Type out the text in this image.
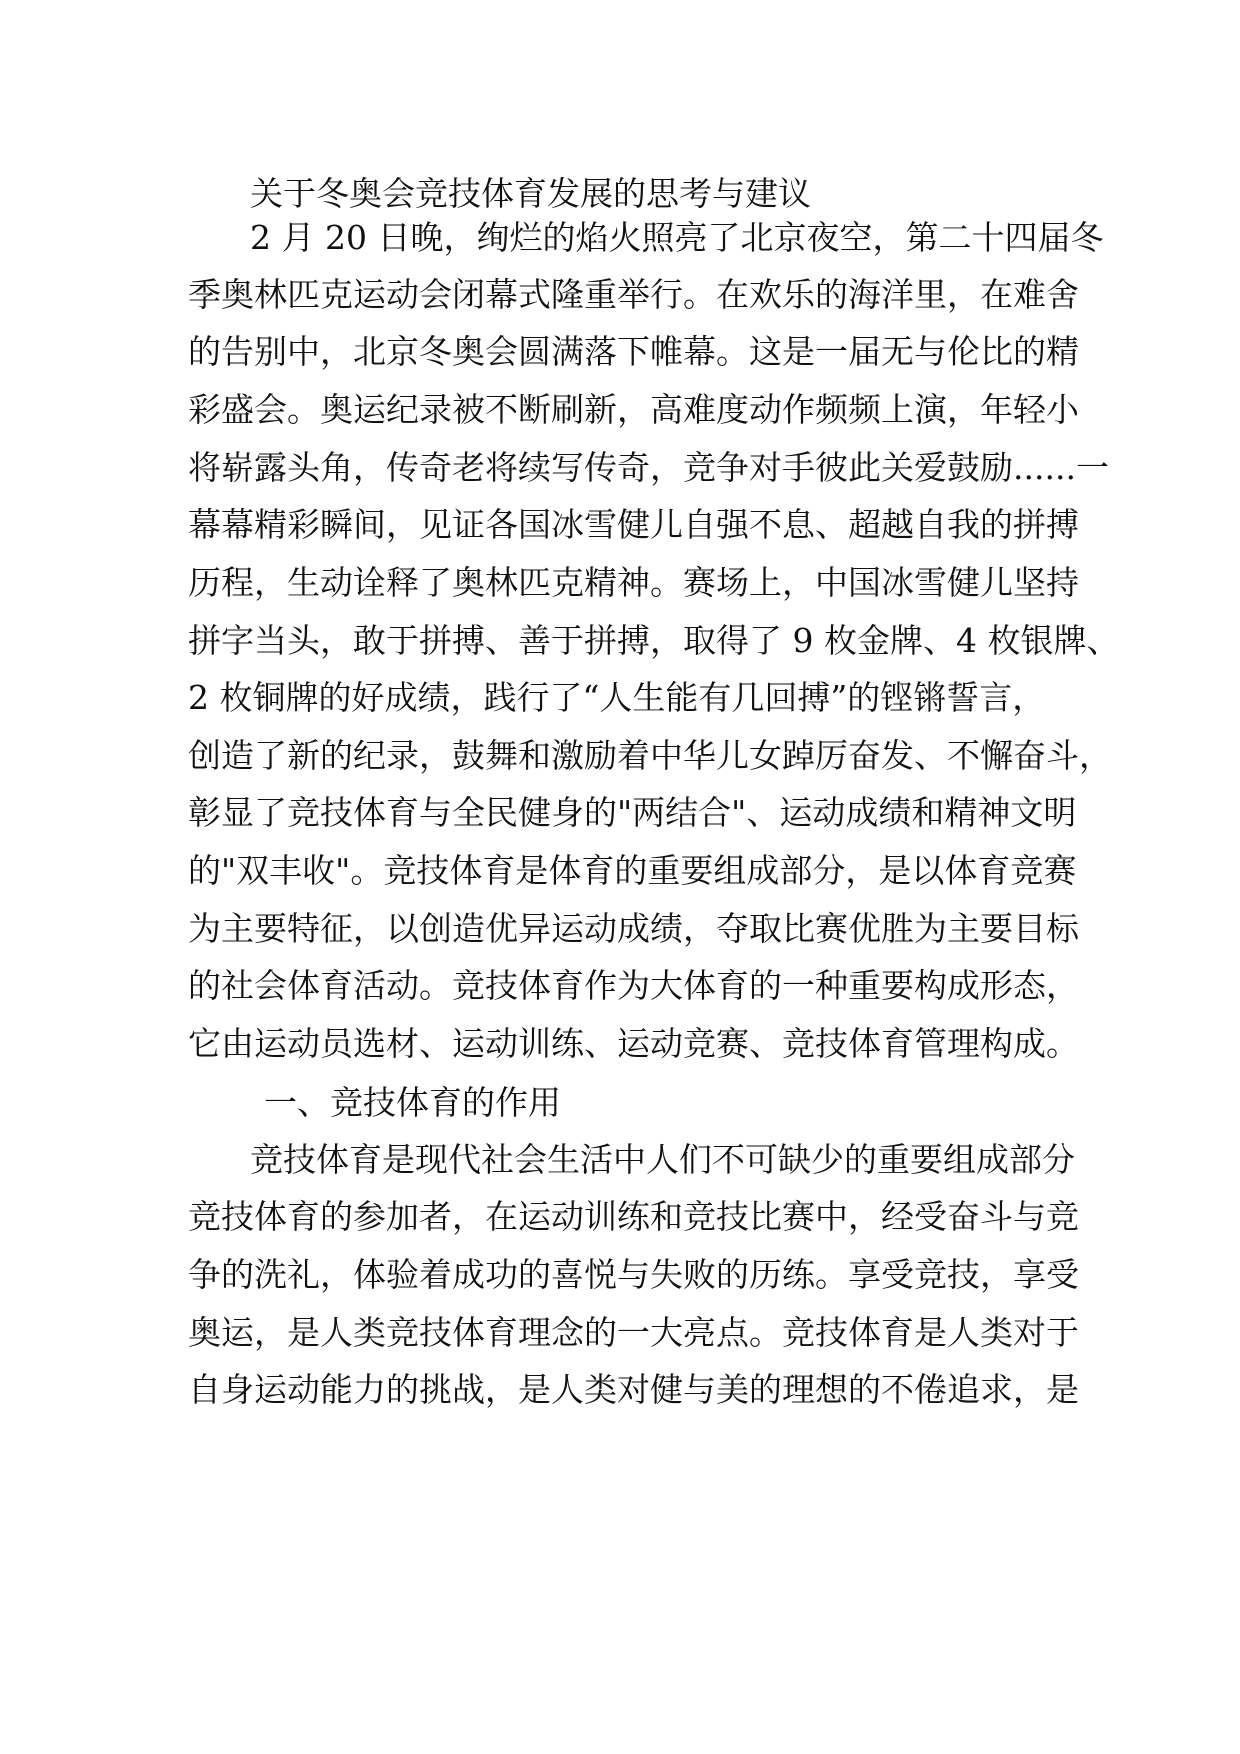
关于冬奥会竞技体育发展的思考与建议

2 月 20 日晚，绚烂的焰火照亮了北京夜空，第二十四届冬

季奥林匹克运动会闭幕式隆重举行。在欢乐的海洋里，在难舍

的告别中，北京冬奥会圆满落下帷幕。这是一届无与伦比的精

彩盛会。奥运纪录被不断刷新，高难度动作频频上演，年轻小

将崭露头角，传奇老将续写传奇，竞争对手彼此关爱鼓励......一

幕幕精彩瞬间，见证各国冰雪健儿自强不息、超越自我的拼搏

历程，生动诠释了奥林匹克精神。赛场上，中国冰雪健儿坚持

拼字当头，敢于拼搏、善于拼搏，取得了 9 枚金牌、4 枚银牌、

2 枚铜牌的好成绩，践行了“人生能有几回搏”的铿锵誓言，

创造了新的纪录，鼓舞和激励着中华儿女踔厉奋发、不懈奋斗，

彰显了竞技体育与全民健身的"两结合"、运动成绩和精神文明

的"双丰收"。竞技体育是体育的重要组成部分，是以体育竞赛

为主要特征，以创造优异运动成绩，夺取比赛优胜为主要目标

的社会体育活动。竞技体育作为大体育的一种重要构成形态，

它由运动员选材、运动训练、运动竞赛、竞技体育管理构成。

一、竞技体育的作用

竞技体育是现代社会生活中人们不可缺少的重要组成部分

竞技体育的参加者，在运动训练和竞技比赛中，经受奋斗与竞

争的洗礼，体验着成功的喜悦与失败的历练。享受竞技，享受

奥运，是人类竞技体育理念的一大亮点。竞技体育是人类对于

自身运动能力的挑战，是人类对健与美的理想的不倦追求，是
